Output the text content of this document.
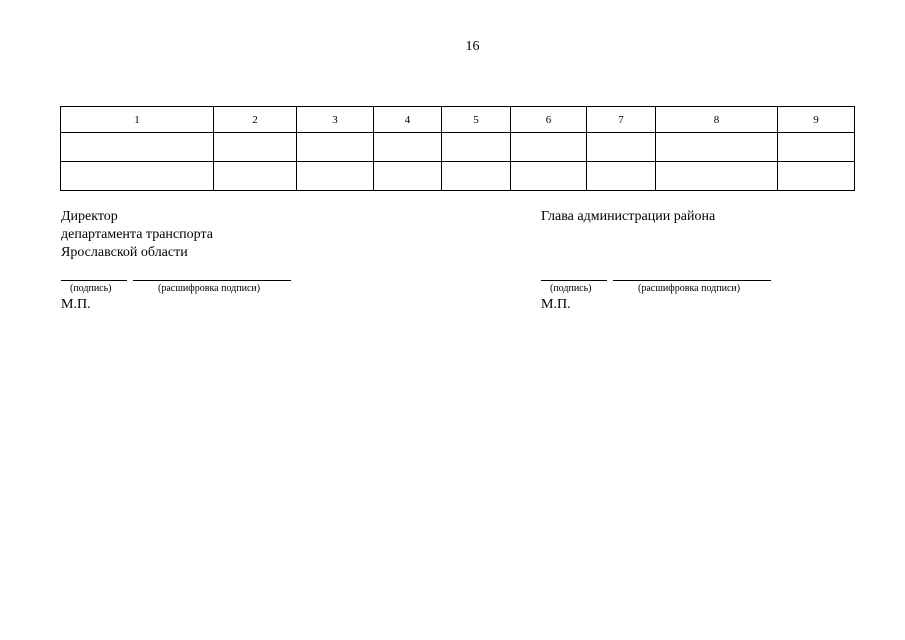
16
1	2	3	4	5	6	7	8	9

Директор
департамента транспорта
Ярославской области
(подпись)	(расшифровка подписи)
М.П.
Глава администрации района
(подпись)	(расшифровка подписи)
М.П.
